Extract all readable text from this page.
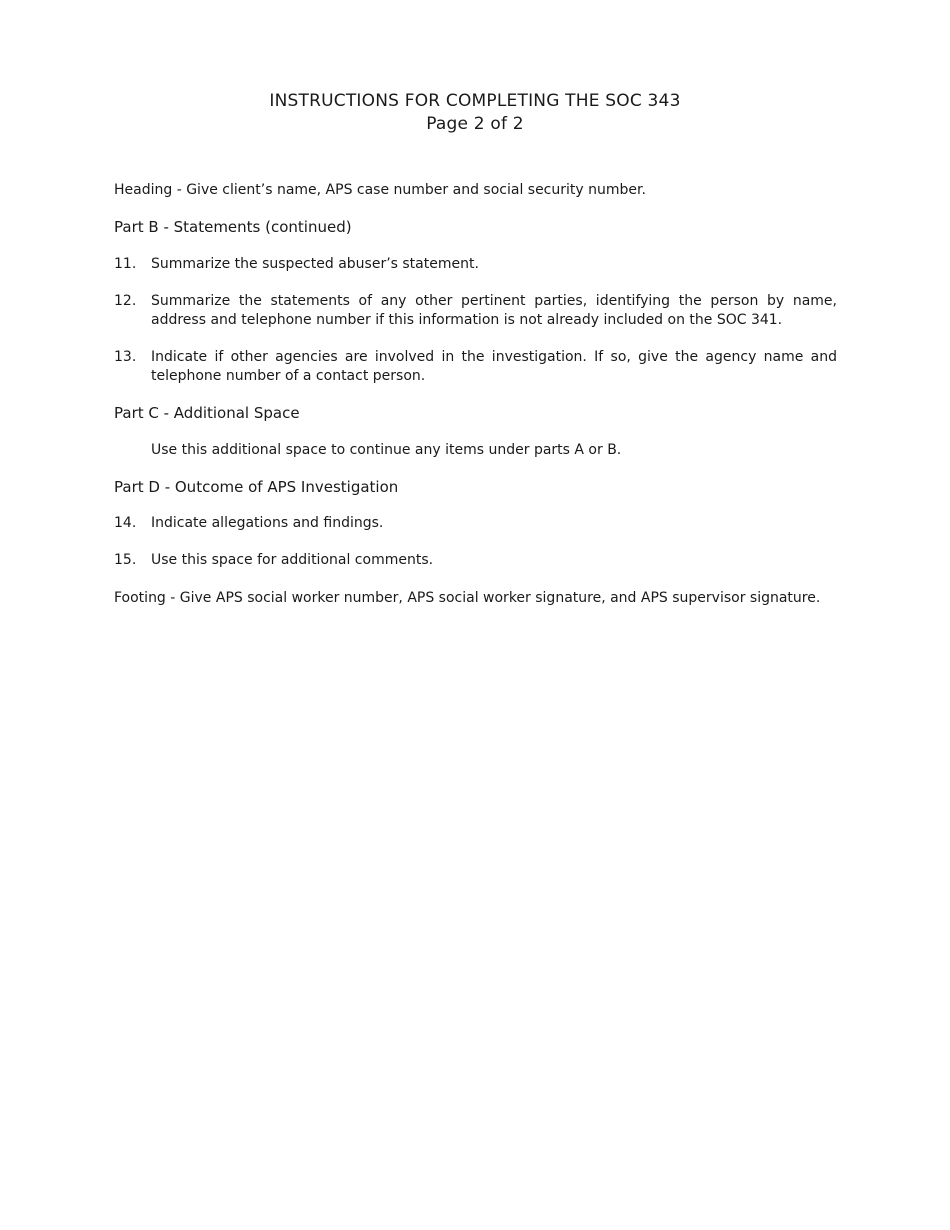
INSTRUCTIONS FOR COMPLETING THE SOC 343
Page 2 of 2

Heading - Give client’s name, APS case number and social security number.

Part B - Statements (continued)

11.	Summarize the suspected abuser’s statement.
12.	Summarize the statements of any other pertinent parties, identifying the person by name, address and telephone number if this information is not already included on the SOC 341.
13.	Indicate if other agencies are involved in the investigation. If so, give the agency name and telephone number of a contact person.

Part C - Additional Space

Use this additional space to continue any items under parts A or B.

Part D - Outcome of APS Investigation

14.	Indicate allegations and findings.
15.	Use this space for additional comments.

Footing - Give APS social worker number, APS social worker signature, and APS supervisor signature.
